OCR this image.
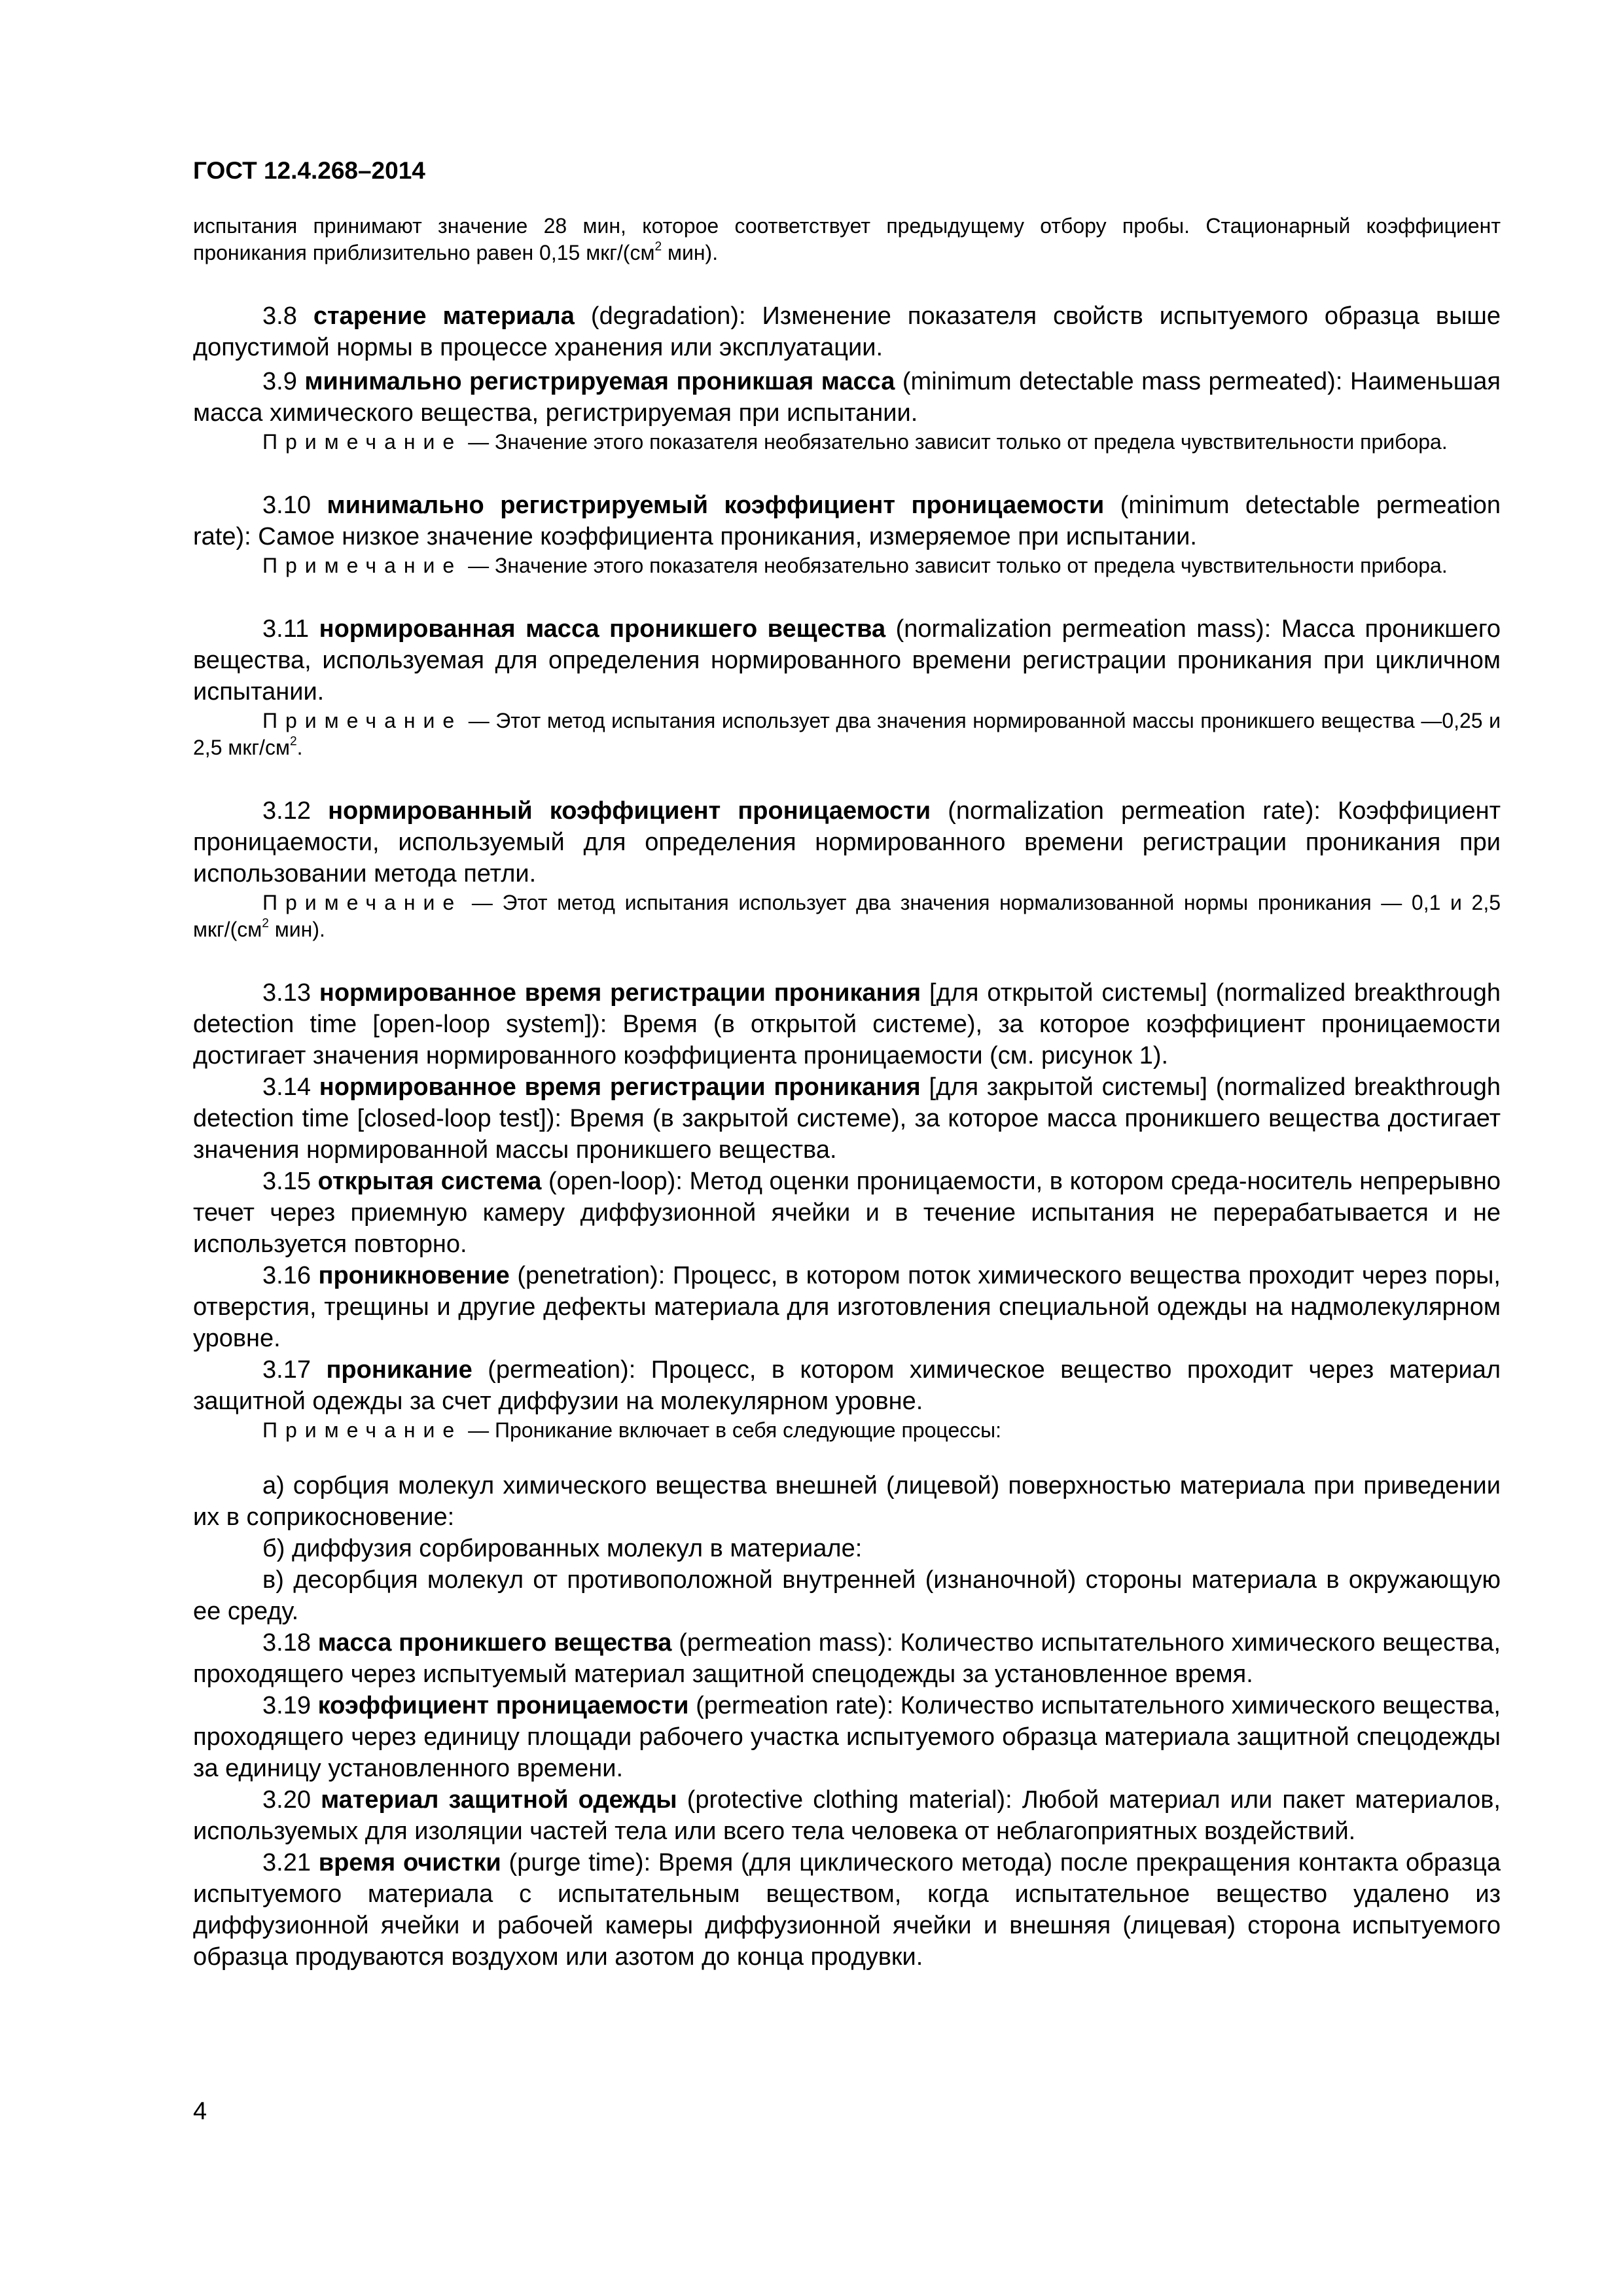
ГОСТ 12.4.268–2014

испытания принимают значение 28 мин, которое соответствует предыдущему отбору пробы. Стационарный коэффициент проникания приблизительно равен 0,15 мкг/($см^2$ мин).

3.8 старение материала (degradation): Изменение показателя свойств испытуемого образца выше допустимой нормы в процессе хранения или эксплуатации.

3.9 минимально регистрируемая проникшая масса (minimum detectable mass permeated): Наименьшая масса химического вещества, регистрируемая при испытании.

Примечание — Значение этого показателя необязательно зависит только от предела чувствительности прибора.

3.10 минимально регистрируемый коэффициент проницаемости (minimum detectable permeation rate): Самое низкое значение коэффициента проникания, измеряемое при испытании.

Примечание — Значение этого показателя необязательно зависит только от предела чувствительности прибора.

3.11 нормированная масса проникшего вещества (normalization permeation mass): Масса проникшего вещества, используемая для определения нормированного времени регистрации проникания при цикличном испытании.

Примечание — Этот метод испытания использует два значения нормированной массы проникшего вещества —0,25 и 2,5 мкг/$см^2$.

3.12 нормированный коэффициент проницаемости (normalization permeation rate): Коэффициент проницаемости, используемый для определения нормированного времени регистрации проникания при использовании метода петли.

Примечание — Этот метод испытания использует два значения нормализованной нормы проникания — 0,1 и 2,5 мкг/($см^2$ мин).

3.13 нормированное время регистрации проникания [для открытой системы] (normalized breakthrough detection time [open-loop system]): Время (в открытой системе), за которое коэффициент проницаемости достигает значения нормированного коэффициента проницаемости (см. рисунок 1).

3.14 нормированное время регистрации проникания [для закрытой системы] (normalized breakthrough detection time [closed-loop test]): Время (в закрытой системе), за которое масса проникшего вещества достигает значения нормированной массы проникшего вещества.

3.15 открытая система (open-loop): Метод оценки проницаемости, в котором среда-носитель непрерывно течет через приемную камеру диффузионной ячейки и в течение испытания не перерабатывается и не используется повторно.

3.16 проникновение (penetration): Процесс, в котором поток химического вещества проходит через поры, отверстия, трещины и другие дефекты материала для изготовления специальной одежды на надмолекулярном уровне.

3.17 проникание (permeation): Процесс, в котором химическое вещество проходит через материал защитной одежды за счет диффузии на молекулярном уровне.

Примечание — Проникание включает в себя следующие процессы:

а) сорбция молекул химического вещества внешней (лицевой) поверхностью материала при приведении их в соприкосновение:

б) диффузия сорбированных молекул в материале:

в) десорбция молекул от противоположной внутренней (изнаночной) стороны материала в окружающую ее среду.

3.18 масса проникшего вещества (permeation mass): Количество испытательного химического вещества, проходящего через испытуемый материал защитной спецодежды за установленное время.

3.19 коэффициент проницаемости (permeation rate): Количество испытательного химического вещества, проходящего через единицу площади рабочего участка испытуемого образца материала защитной спецодежды за единицу установленного времени.

3.20 материал защитной одежды (protective clothing material): Любой материал или пакет материалов, используемых для изоляции частей тела или всего тела человека от неблагоприятных воздействий.

3.21 время очистки (purge time): Время (для циклического метода) после прекращения контакта образца испытуемого материала с испытательным веществом, когда испытательное вещество удалено из диффузионной ячейки и рабочей камеры диффузионной ячейки и внешняя (лицевая) сторона испытуемого образца продуваются воздухом или азотом до конца продувки.

4
